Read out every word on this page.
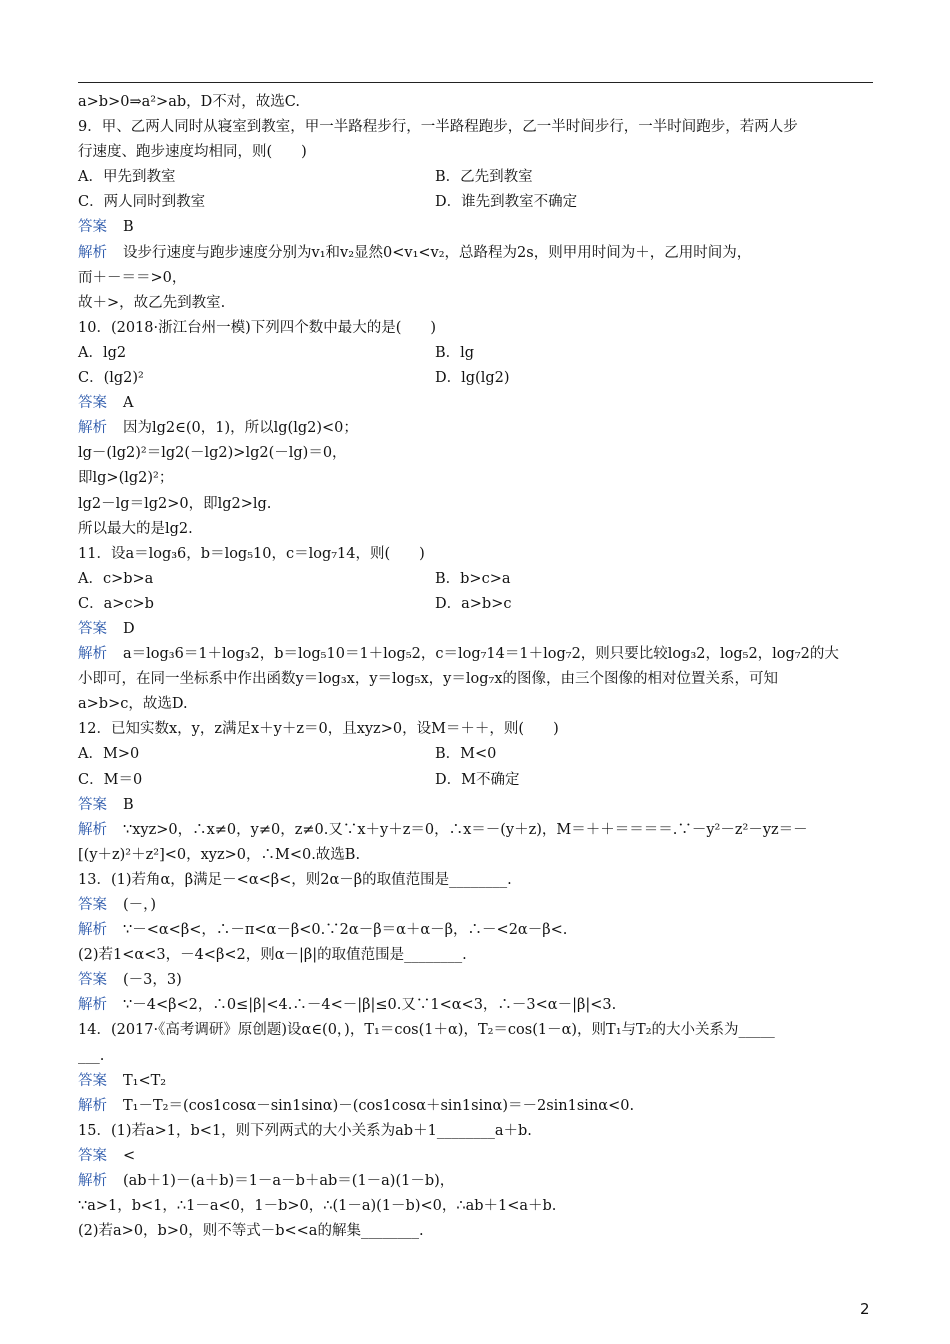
a>b>0⇒a²>ab，D不对，故选C.
9．甲、乙两人同时从寝室到教室，甲一半路程步行，一半路程跑步，乙一半时间步行，一半时间跑步，若两人步
行速度、跑步速度均相同，则(　　)
A．甲先到教室	B．乙先到教室
C．两人同时到教室	D．谁先到教室不确定
答案 B
解析 设步行速度与跑步速度分别为v₁和v₂显然0<v₁<v₂，总路程为2s，则甲用时间为＋，乙用时间为，
而＋－＝＝>0，
故＋>，故乙先到教室.
10．(2018·浙江台州一模)下列四个数中最大的是(　　)
A．lg2	B．lg
C．(lg2)²	D．lg(lg2)
答案 A
解析 因为lg2∈(0，1)，所以lg(lg2)<0；
lg－(lg2)²＝lg2(－lg2)>lg2(－lg)＝0，
即lg>(lg2)²；
lg2－lg＝lg2>0，即lg2>lg.
所以最大的是lg2.
11．设a＝log₃6，b＝log₅10，c＝log₇14，则(　　)
A．c>b>a	B．b>c>a
C．a>c>b	D．a>b>c
答案 D
解析 a＝log₃6＝1＋log₃2，b＝log₅10＝1＋log₅2，c＝log₇14＝1＋log₇2，则只要比较log₃2，log₅2，log₇2的大
小即可，在同一坐标系中作出函数y＝log₃x，y＝log₅x，y＝log₇x的图像，由三个图像的相对位置关系，可知
a>b>c，故选D.
12．已知实数x，y，z满足x＋y＋z＝0，且xyz>0，设M＝＋＋，则(　　)
A．M>0	B．M<0
C．M＝0	D．M不确定
答案 B
解析 ∵xyz>0，∴x≠0，y≠0，z≠0.又∵x＋y＋z＝0，∴x＝－(y＋z)，M＝＋＋＝＝＝＝.∵－y²－z²－yz＝－
[(y＋z)²＋z²]<0，xyz>0，∴M<0.故选B.
13．(1)若角α，β满足－<α<β<，则2α－β的取值范围是________.
答案 (－，)
解析 ∵－<α<β<，∴－π<α－β<0.∵2α－β＝α＋α－β，∴－<2α－β<.
(2)若1<α<3，－4<β<2，则α－|β|的取值范围是________.
答案 (－3，3)
解析 ∵－4<β<2，∴0≤|β|<4.∴－4<－|β|≤0.又∵1<α<3，∴－3<α－|β|<3.
14．(2017·《高考调研》原创题)设α∈(0，)，T₁＝cos(1＋α)，T₂＝cos(1－α)，则T₁与T₂的大小关系为_____
___.
答案 T₁<T₂
解析 T₁－T₂＝(cos1cosα－sin1sinα)－(cos1cosα＋sin1sinα)＝－2sin1sinα<0.
15．(1)若a>1，b<1，则下列两式的大小关系为ab＋1________a＋b.
答案 <
解析 (ab＋1)－(a＋b)＝1－a－b＋ab＝(1－a)(1－b)，
∵a>1，b<1，∴1－a<0，1－b>0，∴(1－a)(1－b)<0，∴ab＋1<a＋b.
(2)若a>0，b>0，则不等式－b<<a的解集________.
2
